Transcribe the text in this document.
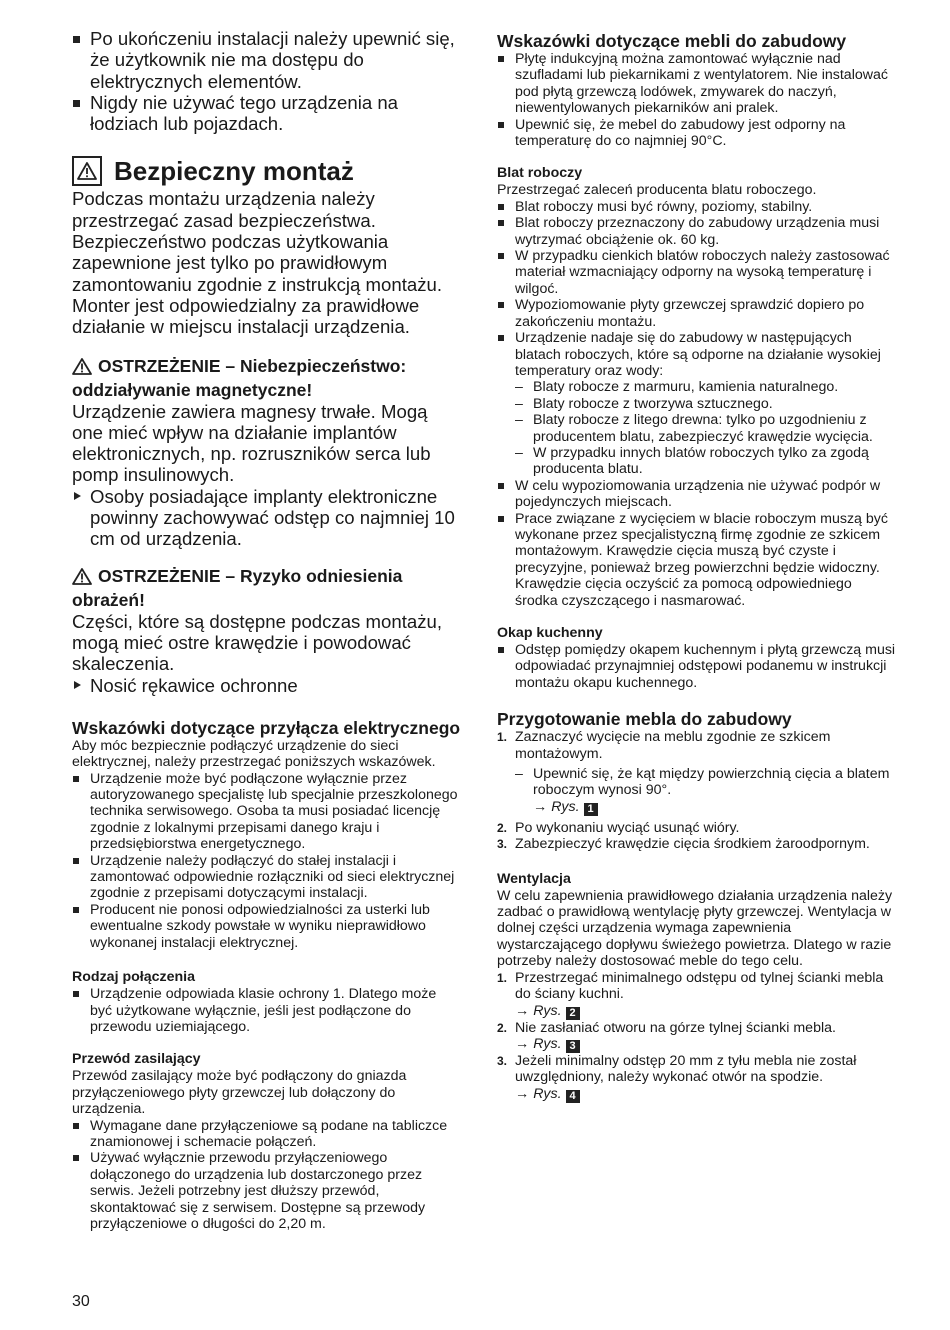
Po ukończeniu instalacji należy upewnić się, że użytkownik nie ma dostępu do elektrycznych elementów.
Nigdy nie używać tego urządzenia na łodziach lub pojazdach.
Bezpieczny montaż

Podczas montażu urządzenia należy przestrzegać zasad bezpieczeństwa. Bezpieczeństwo podczas użytkowania zapewnione jest tylko po prawidłowym zamontowaniu zgodnie z instrukcją montażu. Monter jest odpowiedzialny za prawidłowe działanie w miejscu instalacji urządzenia.

OSTRZEŻENIE – Niebezpieczeństwo: oddziaływanie magnetyczne!

Urządzenie zawiera magnesy trwałe. Mogą one mieć wpływ na działanie implantów elektronicznych, np. rozruszników serca lub pomp insulinowych.

Osoby posiadające implanty elektroniczne powinny zachowywać odstęp co najmniej 10 cm od urządzenia.
OSTRZEŻENIE – Ryzyko odniesienia obrażeń!

Części, które są dostępne podczas montażu, mogą mieć ostre krawędzie i powodować skaleczenia.

Nosić rękawice ochronne
Wskazówki dotyczące przyłącza elektrycznego

Aby móc bezpiecznie podłączyć urządzenie do sieci elektrycznej, należy przestrzegać poniższych wskazówek.

Urządzenie może być podłączone wyłącznie przez autoryzowanego specjalistę lub specjalnie przeszkolonego technika serwisowego. Osoba ta musi posiadać licencję zgodnie z lokalnymi przepisami danego kraju i przedsiębiorstwa energetycznego.
Urządzenie należy podłączyć do stałej instalacji i zamontować odpowiednie rozłączniki od sieci elektrycznej zgodnie z przepisami dotyczącymi instalacji.
Producent nie ponosi odpowiedzialności za usterki lub ewentualne szkody powstałe w wyniku nieprawidłowo wykonanej instalacji elektrycznej.
Rodzaj połączenia
Urządzenie odpowiada klasie ochrony 1. Dlatego może być użytkowane wyłącznie, jeśli jest podłączone do przewodu uziemiającego.
Przewód zasilający

Przewód zasilający może być podłączony do gniazda przyłączeniowego płyty grzewczej lub dołączony do urządzenia.

Wymagane dane przyłączeniowe są podane na tabliczce znamionowej i schemacie połączeń.
Używać wyłącznie przewodu przyłączeniowego dołączonego do urządzenia lub dostarczonego przez serwis. Jeżeli potrzebny jest dłuższy przewód, skontaktować się z serwisem. Dostępne są przewody przyłączeniowe o długości do 2,20 m.
Wskazówki dotyczące mebli do zabudowy
Płytę indukcyjną można zamontować wyłącznie nad szufladami lub piekarnikami z wentylatorem. Nie instalować pod płytą grzewczą lodówek, zmywarek do naczyń, niewentylowanych piekarników ani pralek.
Upewnić się, że mebel do zabudowy jest odporny na temperaturę do co najmniej 90°C.
Blat roboczy

Przestrzegać zaleceń producenta blatu roboczego.

Blat roboczy musi być równy, poziomy, stabilny.
Blat roboczy przeznaczony do zabudowy urządzenia musi wytrzymać obciążenie ok. 60 kg.
W przypadku cienkich blatów roboczych należy zastosować materiał wzmacniający odporny na wysoką temperaturę i wilgoć.
Wypoziomowanie płyty grzewczej sprawdzić dopiero po zakończeniu montażu.
Urządzenie nadaje się do zabudowy w następujących blatach roboczych, które są odporne na działanie wysokiej temperatury oraz wody:
– Blaty robocze z marmuru, kamienia naturalnego.
– Blaty robocze z tworzywa sztucznego.
– Blaty robocze z litego drewna: tylko po uzgodnieniu z producentem blatu, zabezpieczyć krawędzie wycięcia.
– W przypadku innych blatów roboczych tylko za zgodą producenta blatu.
W celu wypoziomowania urządzenia nie używać podpór w pojedynczych miejscach.
Prace związane z wycięciem w blacie roboczym muszą być wykonane przez specjalistyczną firmę zgodnie ze szkicem montażowym. Krawędzie cięcia muszą być czyste i precyzyjne, ponieważ brzeg powierzchni będzie widoczny. Krawędzie cięcia oczyścić za pomocą odpowiedniego środka czyszczącego i nasmarować.
Okap kuchenny
Odstęp pomiędzy okapem kuchennym i płytą grzewczą musi odpowiadać przynajmniej odstępowi podanemu w instrukcji montażu okapu kuchennego.
Przygotowanie mebla do zabudowy
1. Zaznaczyć wycięcie na meblu zgodnie ze szkicem montażowym.
– Upewnić się, że kąt między powierzchnią cięcia a blatem roboczym wynosi 90°.
→ Rys. 1
2. Po wykonaniu wyciąć usunąć wióry.
3. Zabezpieczyć krawędzie cięcia środkiem żaroodpornym.
Wentylacja

W celu zapewnienia prawidłowego działania urządzenia należy zadbać o prawidłową wentylację płyty grzewczej. Wentylacja w dolnej części urządzenia wymaga zapewnienia wystarczającego dopływu świeżego powietrza. Dlatego w razie potrzeby należy dostosować meble do tego celu.

1. Przestrzegać minimalnego odstępu od tylnej ścianki mebla do ściany kuchni.
→ Rys. 2
2. Nie zasłaniać otworu na górze tylnej ścianki mebla.
→ Rys. 3
3. Jeżeli minimalny odstęp 20 mm z tyłu mebla nie został uwzględniony, należy wykonać otwór na spodzie.
→ Rys. 4
30
